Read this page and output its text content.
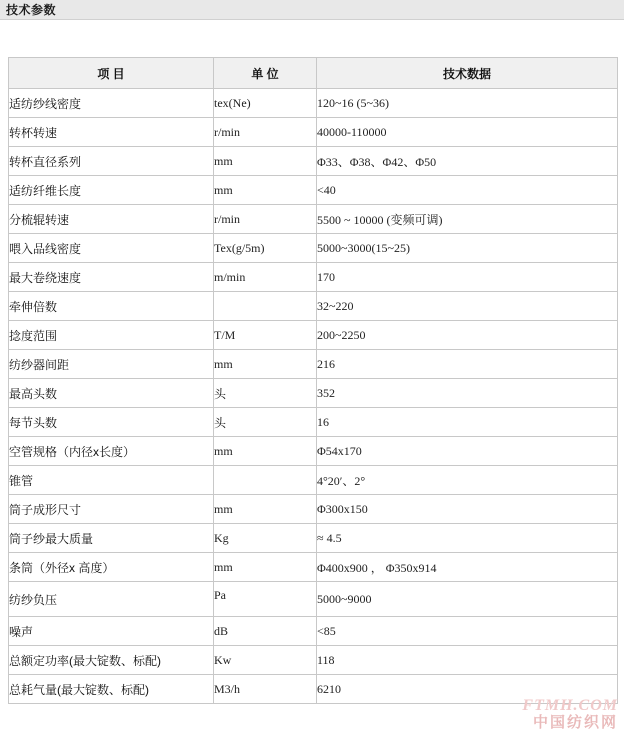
技术参数
项 目	单 位	技术数据
适纺纱线密度	tex(Ne)	120~16 (5~36)
转杯转速	r/min	40000-110000
转杯直径系列	mm	Φ33、Φ38、Φ42、Φ50
适纺纤维长度	mm	<40
分梳辊转速	r/min	5500 ~ 10000 (变频可调)
喂入品线密度	Tex(g/5m)	5000~3000(15~25)
最大卷绕速度	m/min	170
牵伸倍数		32~220
捻度范围	T/M	200~2250
纺纱器间距	mm	216
最高头数	头	352
每节头数	头	16
空管规格（内径x长度）	mm	Φ54x170
锥管		4°20′、2°
筒子成形尺寸	mm	Φ300x150
筒子纱最大质量	Kg	≈ 4.5
条筒（外径x 高度）	mm	Φ400x900 ， Φ350x914
纺纱负压	Pa	5000~9000
噪声	dB	<85
总额定功率(最大锭数、标配)	Kw	118
总耗气量(最大锭数、标配)	M3/h	6210
FTMH.COM
中国纺织网
